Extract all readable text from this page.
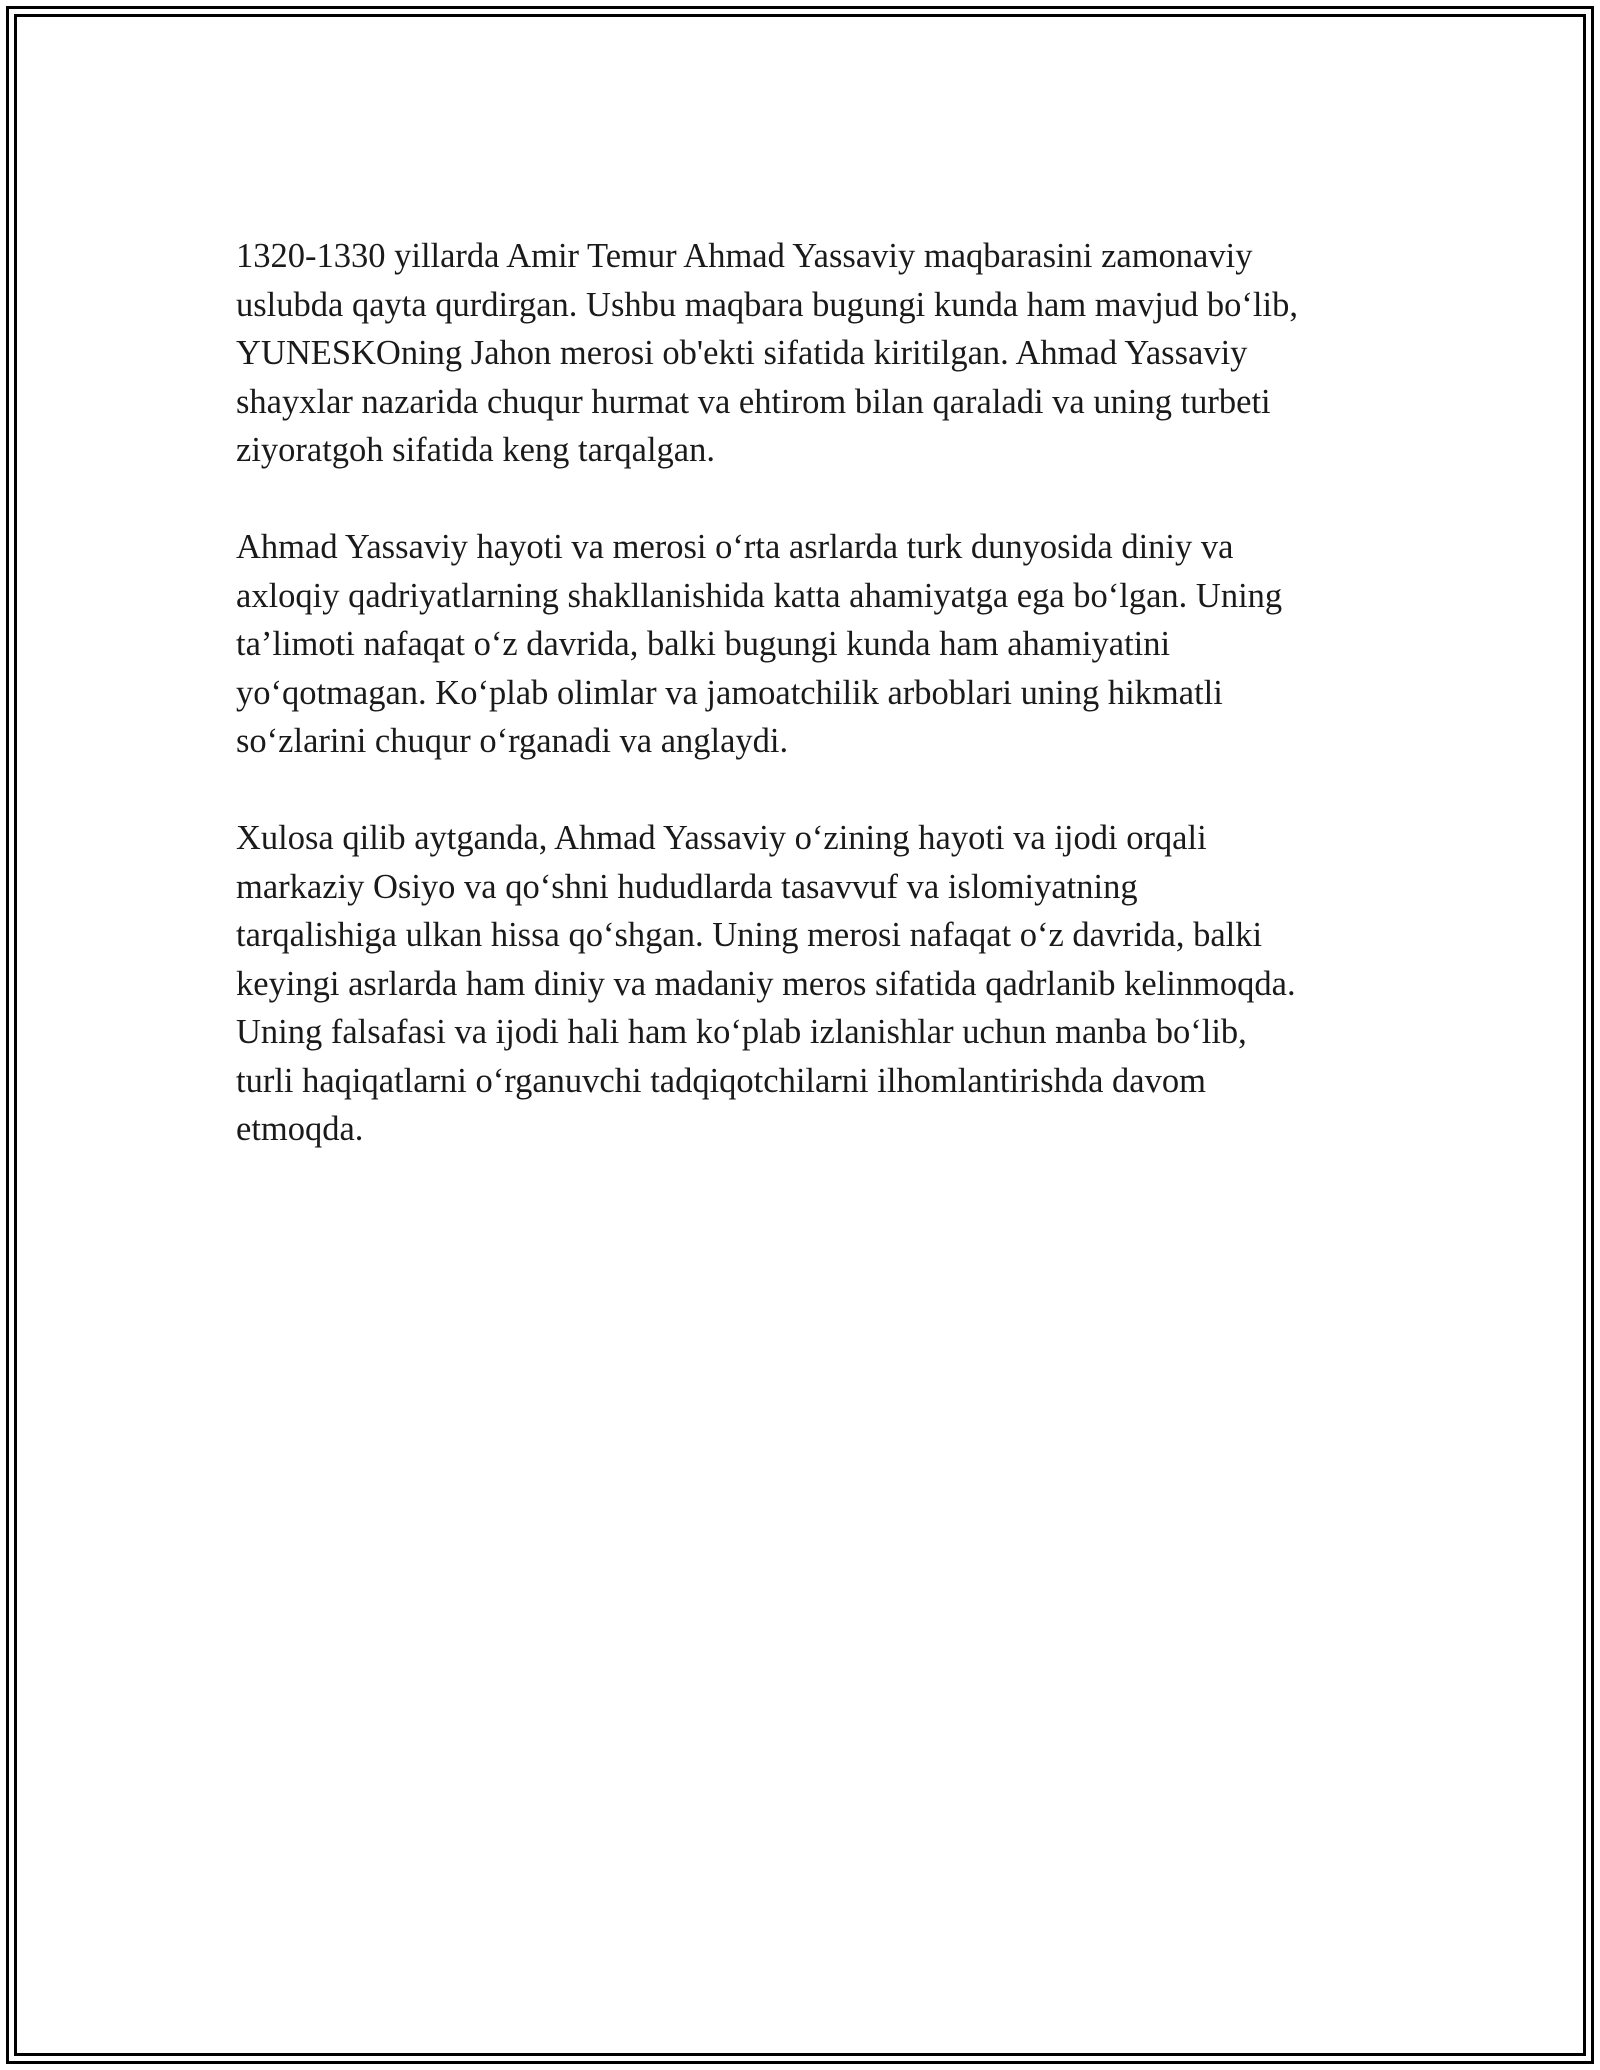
1320-1330 yillarda Amir Temur Ahmad Yassaviy maqbarasini zamonaviy
uslubda qayta qurdirgan. Ushbu maqbara bugungi kunda ham mavjud bo‘lib,
YUNESKOning Jahon merosi ob'ekti sifatida kiritilgan. Ahmad Yassaviy
shayxlar nazarida chuqur hurmat va ehtirom bilan qaraladi va uning turbeti
ziyoratgoh sifatida keng tarqalgan.

Ahmad Yassaviy hayoti va merosi o‘rta asrlarda turk dunyosida diniy va
axloqiy qadriyatlarning shakllanishida katta ahamiyatga ega bo‘lgan. Uning
ta’limoti nafaqat o‘z davrida, balki bugungi kunda ham ahamiyatini
yo‘qotmagan. Ko‘plab olimlar va jamoatchilik arboblari uning hikmatli
so‘zlarini chuqur o‘rganadi va anglaydi.

Xulosa qilib aytganda, Ahmad Yassaviy o‘zining hayoti va ijodi orqali
markaziy Osiyo va qo‘shni hududlarda tasavvuf va islomiyatning
tarqalishiga ulkan hissa qo‘shgan. Uning merosi nafaqat o‘z davrida, balki
keyingi asrlarda ham diniy va madaniy meros sifatida qadrlanib kelinmoqda.
Uning falsafasi va ijodi hali ham ko‘plab izlanishlar uchun manba bo‘lib,
turli haqiqatlarni o‘rganuvchi tadqiqotchilarni ilhomlantirishda davom
etmoqda.
